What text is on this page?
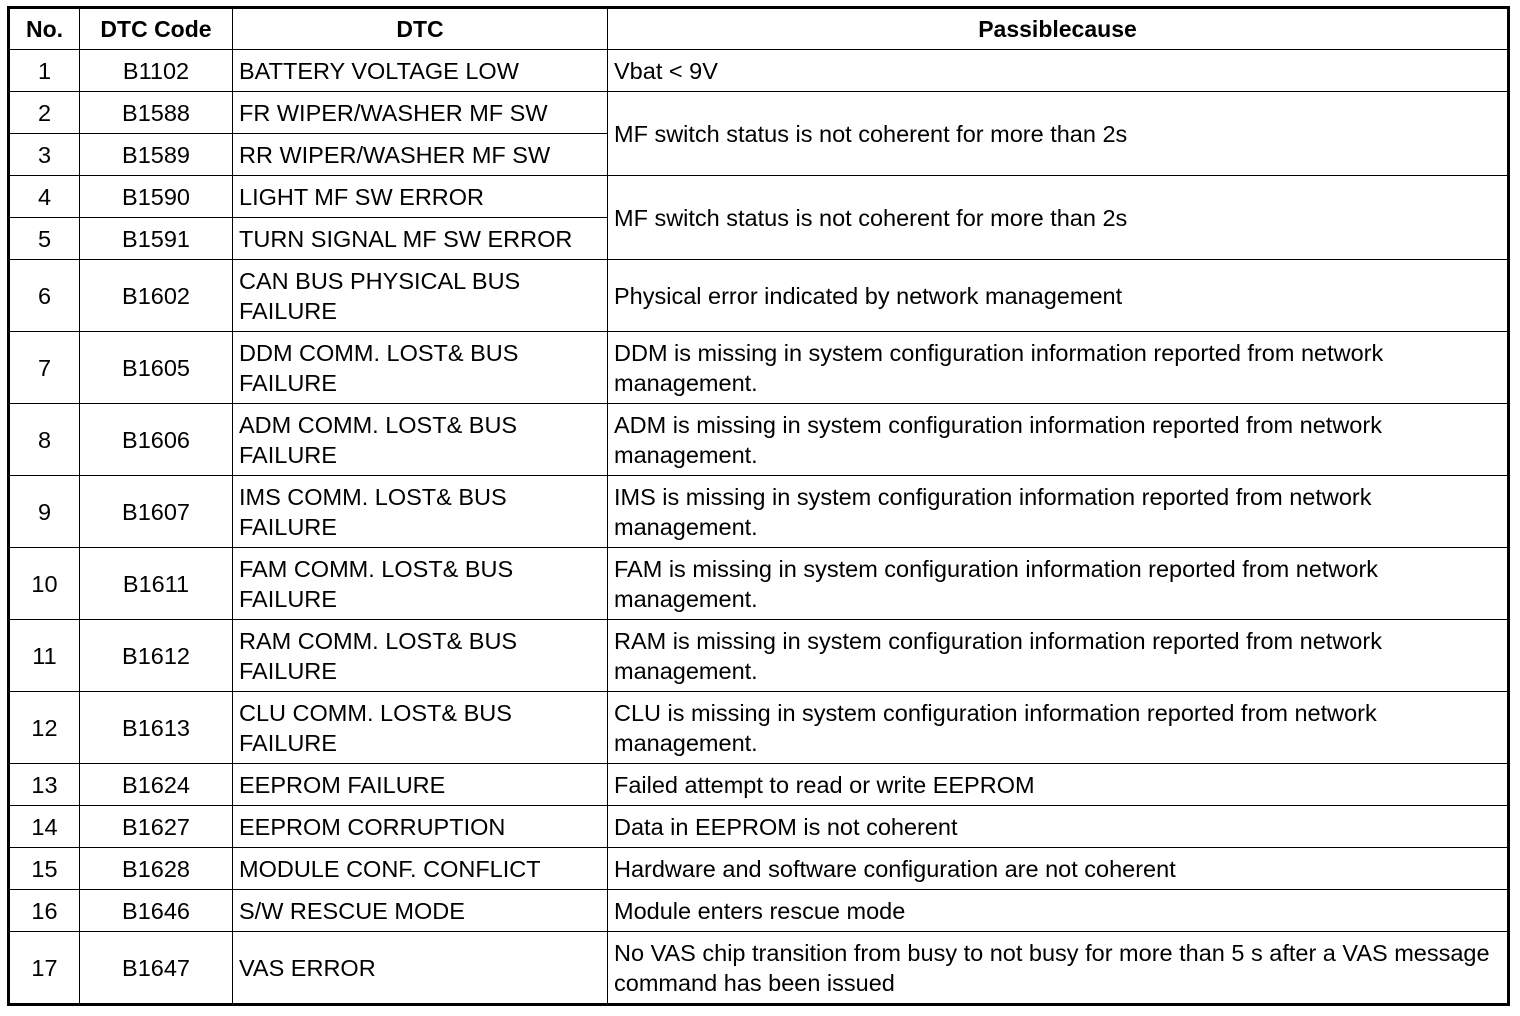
No.	DTC Code	DTC	Passiblecause
1	B1102	BATTERY VOLTAGE LOW	Vbat < 9V
2	B1588	FR WIPER/WASHER MF SW	MF switch status is not coherent for more than 2s
3	B1589	RR WIPER/WASHER MF SW	
4	B1590	LIGHT MF SW ERROR	MF switch status is not coherent for more than 2s
5	B1591	TURN SIGNAL MF SW ERROR	
6	B1602	CAN BUS PHYSICAL BUS FAILURE	Physical error indicated by network management
7	B1605	DDM COMM. LOST& BUS FAILURE	DDM is missing in system configuration information reported from network management.
8	B1606	ADM COMM. LOST& BUS FAILURE	ADM is missing in system configuration information reported from network management.
9	B1607	IMS COMM. LOST& BUS FAILURE	IMS is missing in system configuration information reported from network management.
10	B1611	FAM COMM. LOST& BUS FAILURE	FAM is missing in system configuration information reported from network management.
11	B1612	RAM COMM. LOST& BUS FAILURE	RAM is missing in system configuration information reported from network management.
12	B1613	CLU COMM. LOST& BUS FAILURE	CLU is missing in system configuration information reported from network management.
13	B1624	EEPROM FAILURE	Failed attempt to read or write EEPROM
14	B1627	EEPROM CORRUPTION	Data in EEPROM is not coherent
15	B1628	MODULE CONF. CONFLICT	Hardware and software configuration are not coherent
16	B1646	S/W RESCUE MODE	Module enters rescue mode
17	B1647	VAS ERROR	No VAS chip transition from busy to not busy for more than 5 s after a VAS message command has been issued
